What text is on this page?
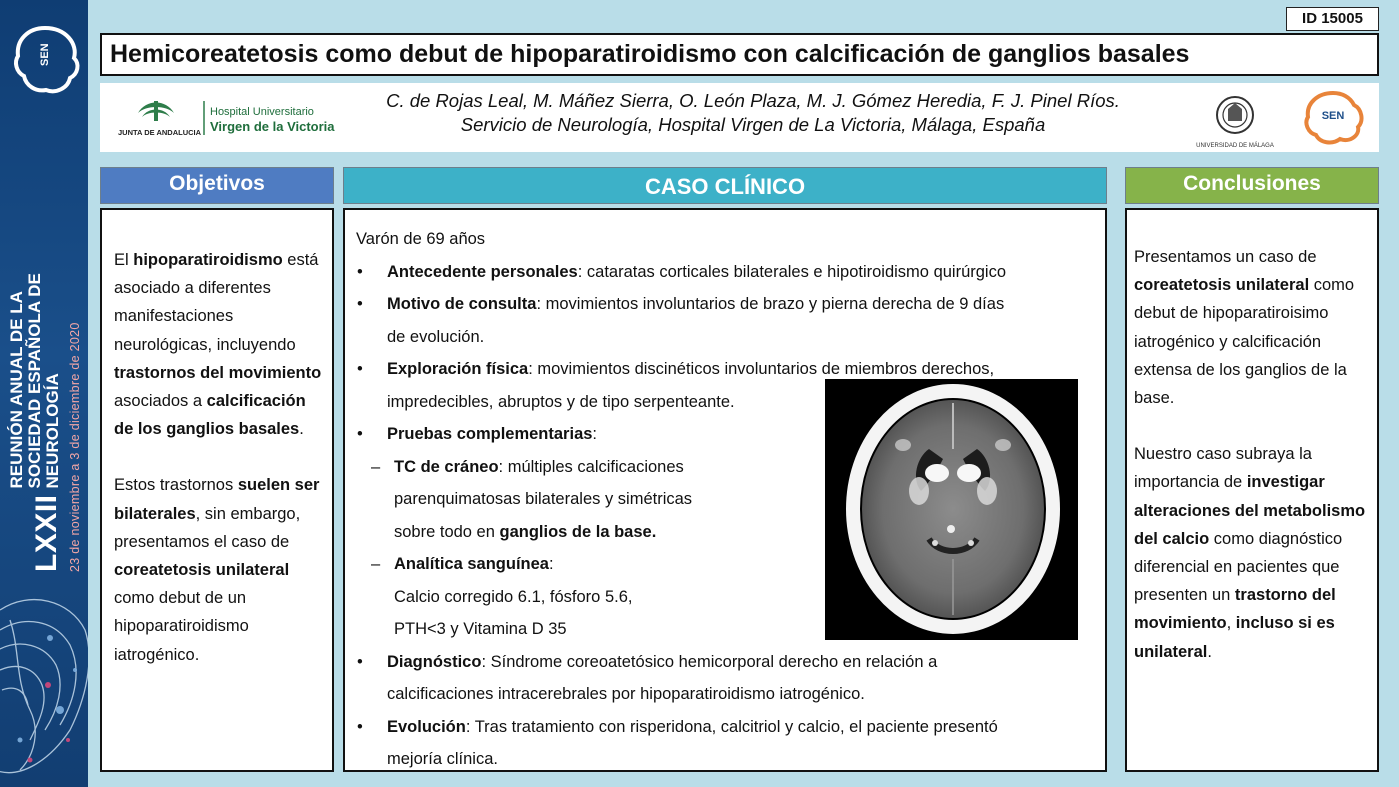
SEN
LXXII
REUNIÓN ANUAL DE LA
SOCIEDAD ESPAÑOLA DE NEUROLOGÍA 23 de noviembre a 3 de diciembre de 2020
ID 15005
Hemicoreatetosis como debut de hipoparatiroidismo con calcificación de ganglios basales
JUNTA DE ANDALUCIA
Hospital Universitario
Virgen de la Victoria
C. de Rojas Leal, M. Máñez Sierra, O. León Plaza, M. J. Gómez Heredia, F. J. Pinel Ríos.
Servicio de Neurología, Hospital Virgen de La Victoria, Málaga, España
UNIVERSIDAD DE MÁLAGA
SEN
Objetivos	CASO CLÍNICO	Conclusiones

El hipoparatiroidismo está asociado a diferentes manifestaciones neurológicas, incluyendo trastornos del movimiento asociados a calcificación de los ganglios basales.

Estos trastornos suelen ser bilaterales, sin embargo, presentamos el caso de coreatetosis unilateral como debut de un hipoparatiroidismo iatrogénico.

Varón de 69 años
• Antecedente personales: cataratas corticales bilaterales e hipotiroidismo quirúrgico
• Motivo de consulta: movimientos involuntarios de brazo y pierna derecha de 9 días
de evolución.
• Exploración física: movimientos discinéticos involuntarios de miembros derechos,
impredecibles, abruptos y de tipo serpenteante.
• Pruebas complementarias:
– TC de cráneo: múltiples calcificaciones
parenquimatosas bilaterales y simétricas
sobre todo en ganglios de la base.
– Analítica sanguínea:
Calcio corregido 6.1, fósforo 5.6,
PTH<3 y Vitamina D 35
• Diagnóstico: Síndrome coreoatetósico hemicorporal derecho en relación a
calcificaciones intracerebrales por hipoparatiroidismo iatrogénico.
• Evolución: Tras tratamiento con risperidona, calcitriol y calcio, el paciente presentó
mejoría clínica.

Presentamos un caso de coreatetosis unilateral como debut de hipoparatiroisimo iatrogénico y calcificación extensa de los ganglios de la base.

Nuestro caso subraya la importancia de investigar alteraciones del metabolismo del calcio como diagnóstico diferencial en pacientes que presenten un trastorno del movimiento, incluso si es unilateral.
